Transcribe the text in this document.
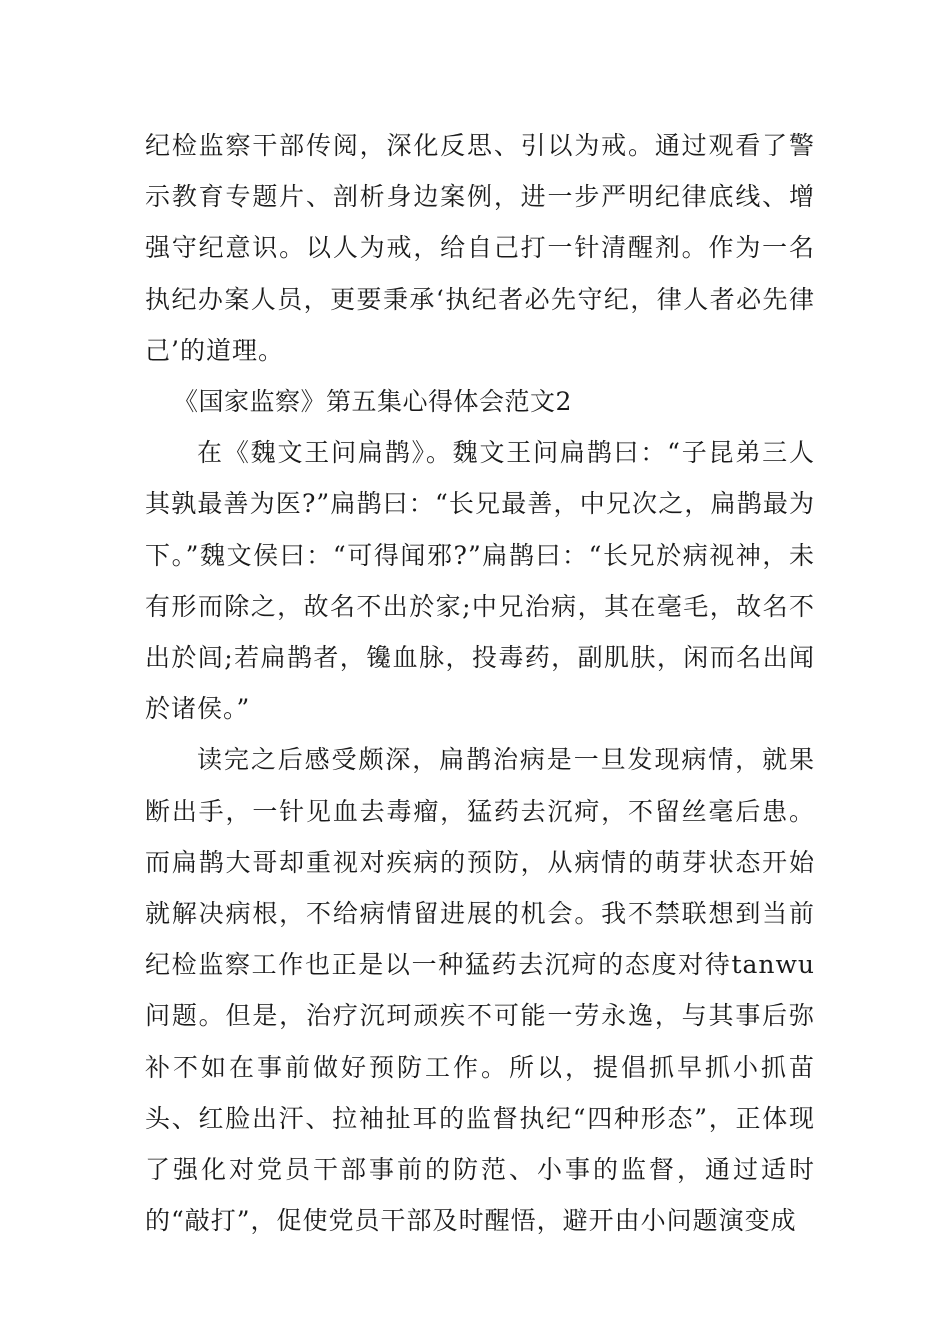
纪检监察干部传阅，深化反思、引以为戒。通过观看了警示教育专题片、剖析身边案例，进一步严明纪律底线、增强守纪意识。以人为戒，给自己打一针清醒剂。作为一名执纪办案人员，更要秉承‘执纪者必先守纪，律人者必先律己’的道理。

《国家监察》第五集心得体会范文2

在《魏文王问扁鹊》。魏文王问扁鹊曰：“子昆弟三人其孰最善为医?”扁鹊曰：“长兄最善，中兄次之，扁鹊最为下。”魏文侯曰：“可得闻邪?”扁鹊曰：“长兄於病视神，未有形而除之，故名不出於家;中兄治病，其在毫毛，故名不出於闾;若扁鹊者，镵血脉，投毒药，副肌肤，闲而名出闻於诸侯。”

读完之后感受颇深，扁鹊治病是一旦发现病情，就果断出手，一针见血去毒瘤，猛药去沉疴，不留丝毫后患。而扁鹊大哥却重视对疾病的预防，从病情的萌芽状态开始就解决病根，不给病情留进展的机会。我不禁联想到当前纪检监察工作也正是以一种猛药去沉疴的态度对待tanwu问题。但是，治疗沉珂顽疾不可能一劳永逸，与其事后弥补不如在事前做好预防工作。所以，提倡抓早抓小抓苗头、红脸出汗、拉袖扯耳的监督执纪“四种形态”，正体现了强化对党员干部事前的防范、小事的监督，通过适时的“敲打”，促使党员干部及时醒悟，避开由小问题演变成
